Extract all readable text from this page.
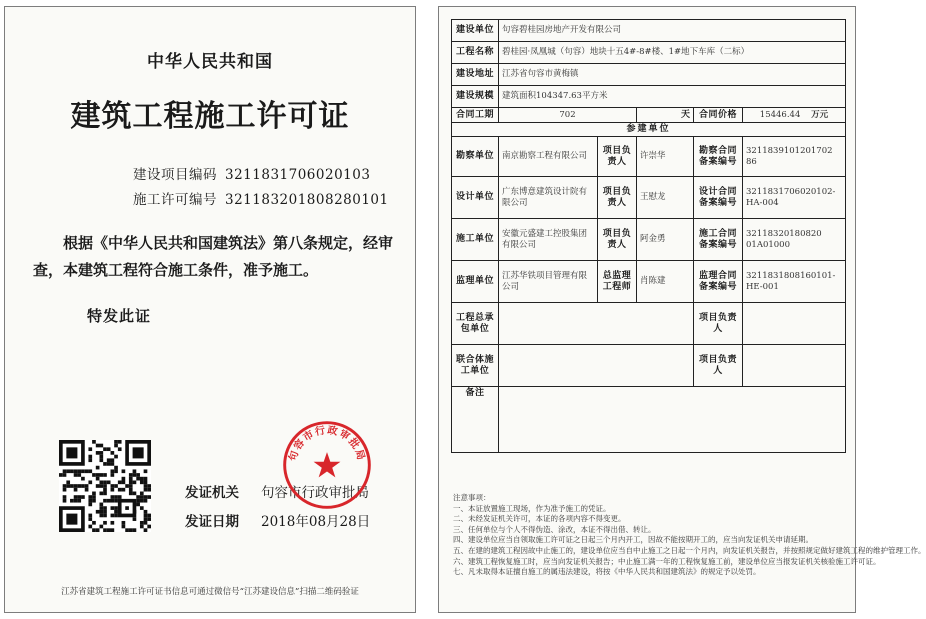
中华人民共和国
建筑工程施工许可证
建设项目编码 3211831706020103
施工许可编号 321183201808280101
根据《中华人民共和国建筑法》第八条规定，经审查，本建筑工程符合施工条件，准予施工。
特发此证
发证机关 句容市行政审批局
发证日期 2018年08月28日
句容市行政审批局
江苏省建筑工程施工许可证书信息可通过微信号“江苏建设信息”扫描二维码验证
建设单位	句容碧桂园房地产开发有限公司				
工程名称	碧桂园·凤凰城（句容）地块十五4#-8#楼、1#地下车库（二标）				
建设地址	江苏省句容市黄梅镇				
建设规模	建筑面积104347.63平方米				
合同工期	702		天	合同价格	15446.44 万元
参建单位					
勘察单位	南京勘察工程有限公司	项目负责人	许崇华	勘察合同备案编号	3211839101201702​86
设计单位	广东博意建筑设计院有限公司	项目负责人	王慰龙	设计合同备案编号	321183170602010​2-HA-004
施工单位	安徽元盛建工控股集团有限公司	项目负责人	阿金勇	施工合同备案编号	32118320180820​01A01000
监理单位	江苏华铁项目管理有限公司	总监理工程师	肖陈建	监理合同备案编号	32118318081601​01-HE-001
工程总承包单位				项目负责人	
联合体施工单位				项目负责人	
备注					
注意事项：
一、本证放置施工现场，作为准予施工的凭证。
二、未经发证机关许可，本证的各项内容不得变更。
三、任何单位与个人不得伪造、涂改，本证不得出借、转让。
四、建设单位应当自领取施工许可证之日起三个月内开工，因故不能按期开工的，应当向发证机关申请延期。
五、在建的建筑工程因故中止施工的，建设单位应当自中止施工之日起一个月内，向发证机关报告，并按照规定做好建筑工程的维护管理工作。
六、建筑工程恢复施工时，应当向发证机关报告；中止施工满一年的工程恢复施工前，建设单位应当报发证机关核验施工许可证。
七、凡未取得本证擅自施工的属违法建设，将按《中华人民共和国建筑法》的规定予以处罚。
